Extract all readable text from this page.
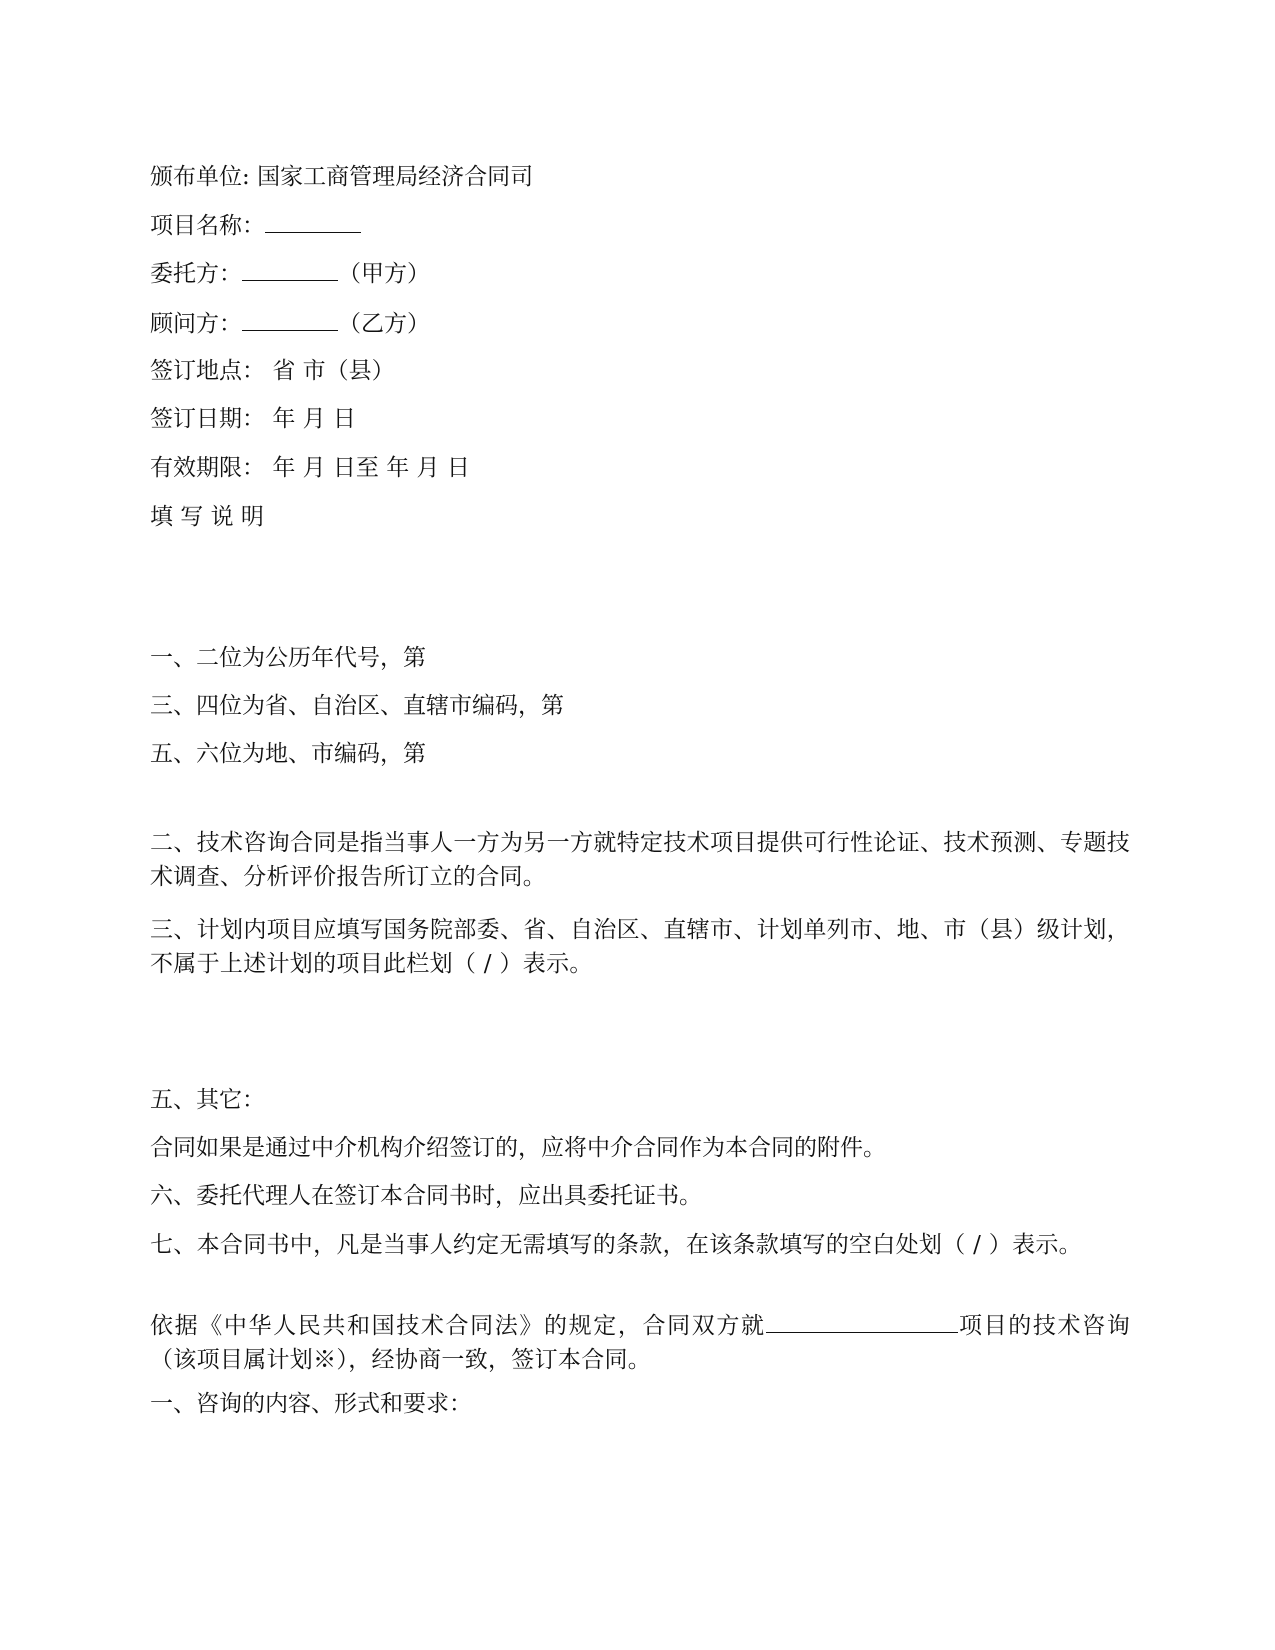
颁布单位: 国家工商管理局经济合同司

项目名称：

委托方：	（甲方）

顾问方：	（乙方）

签订地点： 省 市（县）

签订日期： 年 月 日

有效期限： 年 月 日至 年 月 日

填 写 说 明

一、二位为公历年代号，第

三、四位为省、自治区、直辖市编码，第

五、六位为地、市编码，第

二、技术咨询合同是指当事人一方为另一方就特定技术项目提供可行性论证、技术预测、专题技术调查、分析评价报告所订立的合同。

三、计划内项目应填写国务院部委、省、自治区、直辖市、计划单列市、地、市（县）级计划，不属于上述计划的项目此栏划（ / ）表示。

五、其它：

合同如果是通过中介机构介绍签订的，应将中介合同作为本合同的附件。

六、委托代理人在签订本合同书时，应出具委托证书。

七、本合同书中，凡是当事人约定无需填写的条款，在该条款填写的空白处划（ / ）表示。

依据《中华人民共和国技术合同法》的规定，合同双方就	项目的技术咨询（该项目属计划※），经协商一致，签订本合同。

一、咨询的内容、形式和要求：
